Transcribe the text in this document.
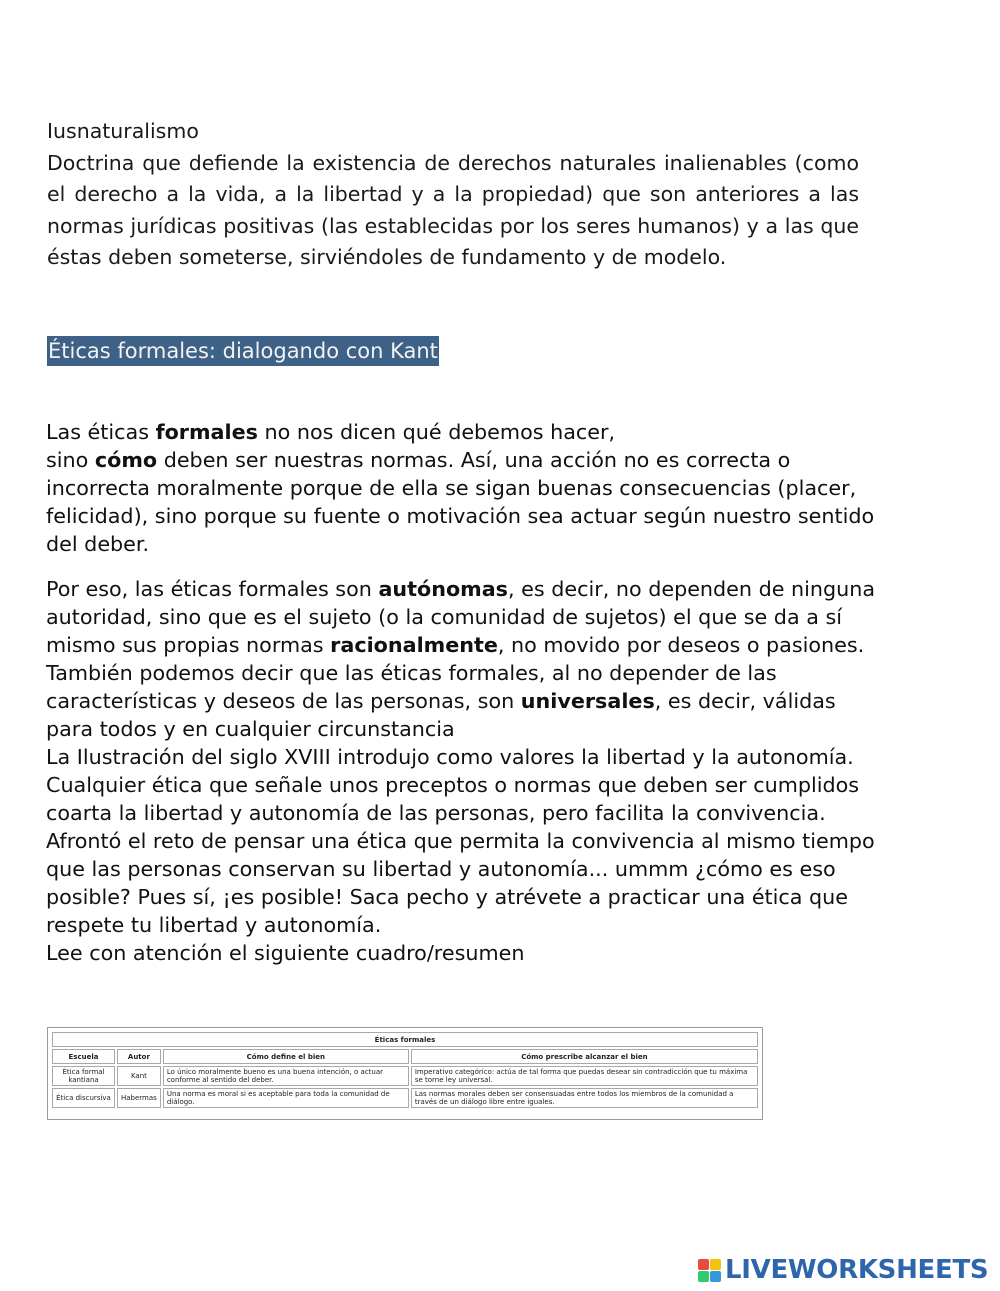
Iusnaturalismo
Doctrina que defiende la existencia de derechos naturales inalienables (como el derecho a la vida, a la libertad y a la propiedad) que son anteriores a las normas jurídicas positivas (las establecidas por los seres humanos) y a las que éstas deben someterse, sirviéndoles de fundamento y de modelo.
Éticas formales: dialogando con Kant

Las éticas formales no nos dicen qué debemos hacer,
sino cómo deben ser nuestras normas. Así, una acción no es correcta o incorrecta moralmente porque de ella se sigan buenas consecuencias (placer, felicidad), sino porque su fuente o motivación sea actuar según nuestro sentido del deber.

Por eso, las éticas formales son autónomas, es decir, no dependen de ninguna autoridad, sino que es el sujeto (o la comunidad de sujetos) el que se da a sí mismo sus propias normas racionalmente, no movido por deseos o pasiones. También podemos decir que las éticas formales, al no depender de las características y deseos de las personas, son universales, es decir, válidas para todos y en cualquier circunstancia
La Ilustración del siglo XVIII introdujo como valores la libertad y la autonomía. Cualquier ética que señale unos preceptos o normas que deben ser cumplidos coarta la libertad y autonomía de las personas, pero facilita la convivencia. Afrontó el reto de pensar una ética que permita la convivencia al mismo tiempo que las personas conservan su libertad y autonomía... ummm ¿cómo es eso posible? Pues sí, ¡es posible! Saca pecho y atrévete a practicar una ética que respete tu libertad y autonomía.
Lee con atención el siguiente cuadro/resumen

Éticas formales			
Escuela	Autor	Cómo define el bien	Cómo prescribe alcanzar el bien
Ética formal kantiana	Kant	Lo único moralmente bueno es una buena intención, o actuar conforme al sentido del deber.	Imperativo categórico: actúa de tal forma que puedas desear sin contradicción que tu máxima se torne ley universal.
Ética discursiva	Habermas	Una norma es moral si es aceptable para toda la comunidad de diálogo.	Las normas morales deben ser consensuadas entre todos los miembros de la comunidad a través de un diálogo libre entre iguales.
LIVEWORKSHEETS
